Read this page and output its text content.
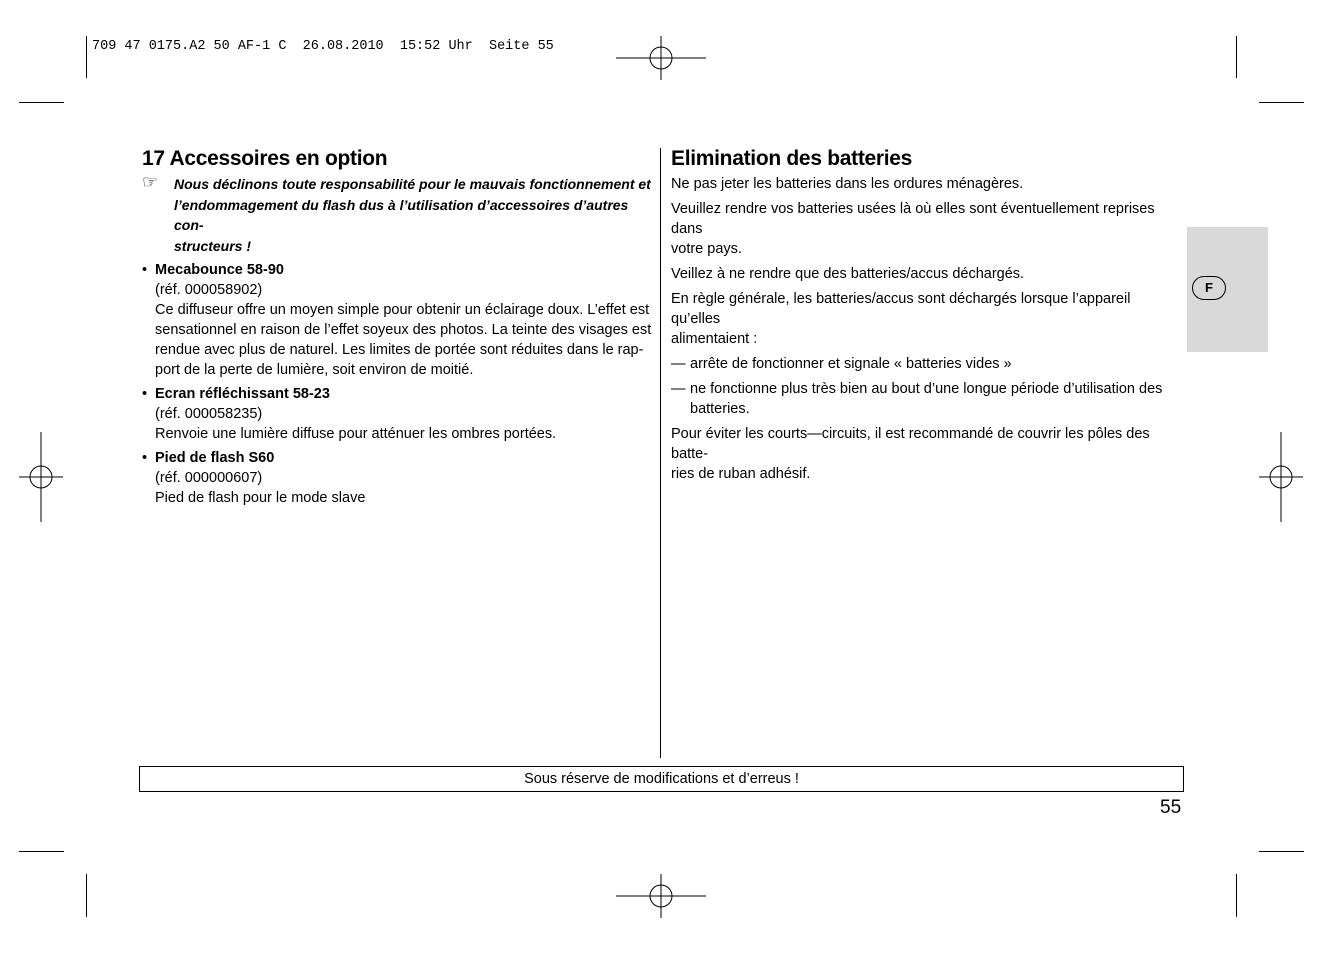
709 47 0175.A2 50 AF-1 C  26.08.2010  15:52 Uhr  Seite 55
17 Accessoires en option
☞ Nous déclinons toute responsabilité pour le mauvais fonctionnement et
l’endommagement du flash dus à l’utilisation d’accessoires d’autres con-
structeurs !
• Mecabounce 58-90
(réf. 000058902)
Ce diffuseur offre un moyen simple pour obtenir un éclairage doux. L’effet est
sensationnel en raison de l’effet soyeux des photos. La teinte des visages est
rendue avec plus de naturel. Les limites de portée sont réduites dans le rap-
port de la perte de lumière, soit environ de moitié.
• Ecran réfléchissant 58-23
(réf. 000058235)
Renvoie une lumière diffuse pour atténuer les ombres portées.
• Pied de flash S60
(réf. 000000607)
Pied de flash pour le mode slave
Elimination des batteries

Ne pas jeter les batteries dans les ordures ménagères.

Veuillez rendre vos batteries usées là où elles sont éventuellement reprises dans
votre pays.

Veillez à ne rendre que des batteries/accus déchargés.

En règle générale, les batteries/accus sont déchargés lorsque l’appareil qu’elles
alimentaient :

— arrête de fonctionner et signale « batteries vides »
— ne fonctionne plus très bien au bout d’une longue période d’utilisation des
batteries.

Pour éviter les courts—circuits, il est recommandé de couvrir les pôles des batte-
ries de ruban adhésif.

F
Sous réserve de modifications et d’erreus !
55
